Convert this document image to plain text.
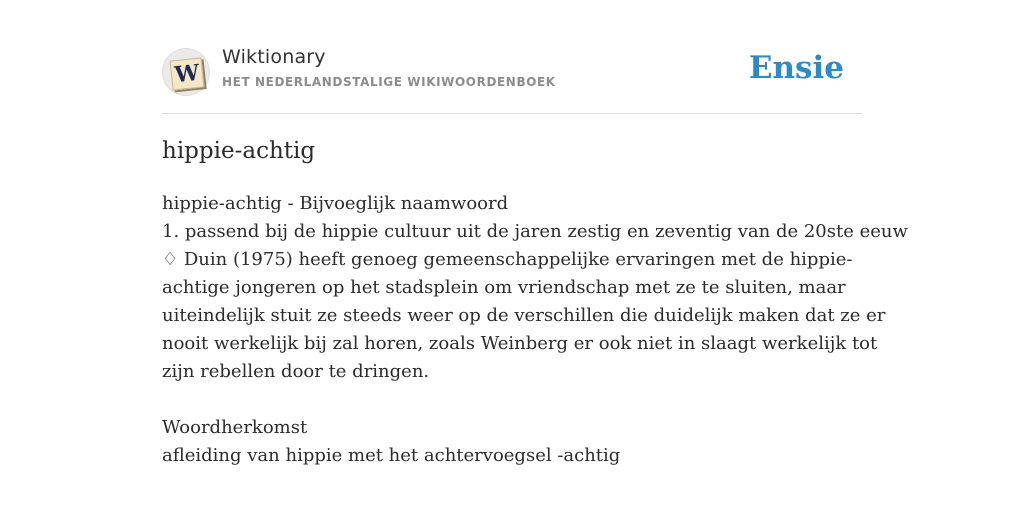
W
Wiktionary
HET NEDERLANDSTALIGE WIKIWOORDENBOEK	Ensie
hippie-achtig
hippie-achtig - Bijvoeglijk naamwoord
1. passend bij de hippie cultuur uit de jaren zestig en zeventig van de 20ste eeuw
♢ Duin (1975) heeft genoeg gemeenschappelijke ervaringen met de hippie-
achtige jongeren op het stadsplein om vriendschap met ze te sluiten, maar
uiteindelijk stuit ze steeds weer op de verschillen die duidelijk maken dat ze er
nooit werkelijk bij zal horen, zoals Weinberg er ook niet in slaagt werkelijk tot
zijn rebellen door te dringen.
Woordherkomst
afleiding van hippie met het achtervoegsel -achtig
